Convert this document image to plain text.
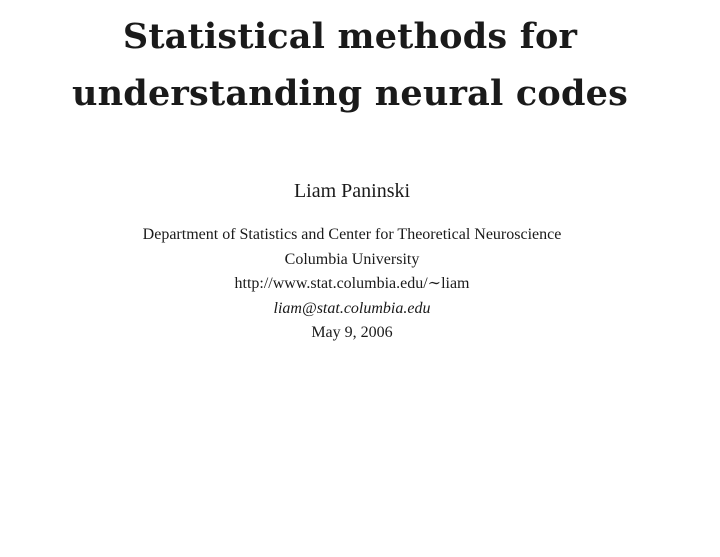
Statistical methods for
understanding neural codes
Liam Paninski
Department of Statistics and Center for Theoretical Neuroscience
Columbia University
http://www.stat.columbia.edu/∼liam
liam@stat.columbia.edu
May 9, 2006
